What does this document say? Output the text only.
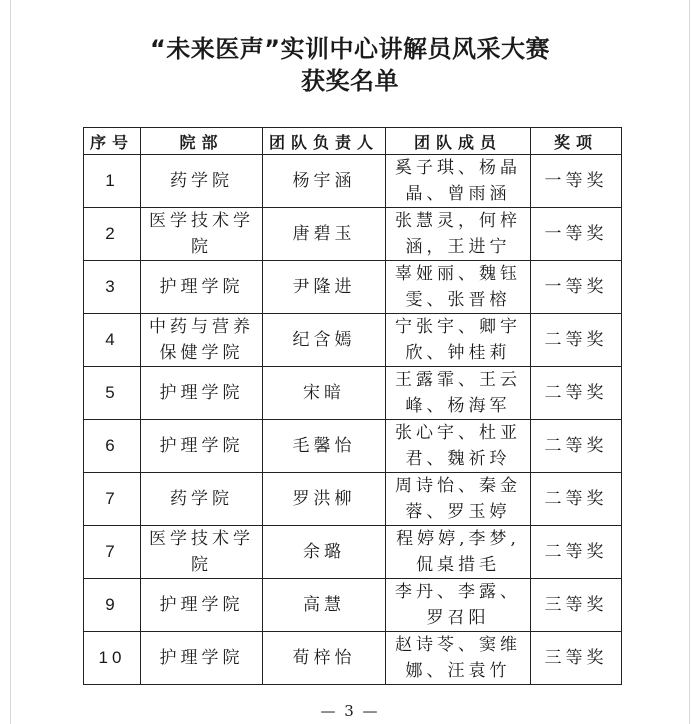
“未来医声”实训中心讲解员风采大赛
获奖名单
序号	院部	团队负责人	团队成员	奖项
1	药学院	杨宇涵	奚子琪、杨晶晶、曾雨涵	一等奖
2	医学技术学院	唐碧玉	张慧灵，何梓涵，王进宁	一等奖
3	护理学院	尹隆进	辜娅丽、魏钰雯、张晋榕	一等奖
4	中药与营养保健学院	纪含嫣	宁张宇、卿宇欣、钟桂莉	二等奖
5	护理学院	宋暗	王露霏、王云峰、杨海军	二等奖
6	护理学院	毛馨怡	张心宇、杜亚君、魏祈玲	二等奖
7	药学院	罗洪柳	周诗怡、秦金蓉、罗玉婷	二等奖
7	医学技术学院	余璐	程婷婷,李梦,侃桌措毛	二等奖
9	护理学院	高慧	李丹、李露、罗召阳	三等奖
10	护理学院	荀梓怡	赵诗苓、窦维娜、汪袁竹	三等奖
— 3 —
